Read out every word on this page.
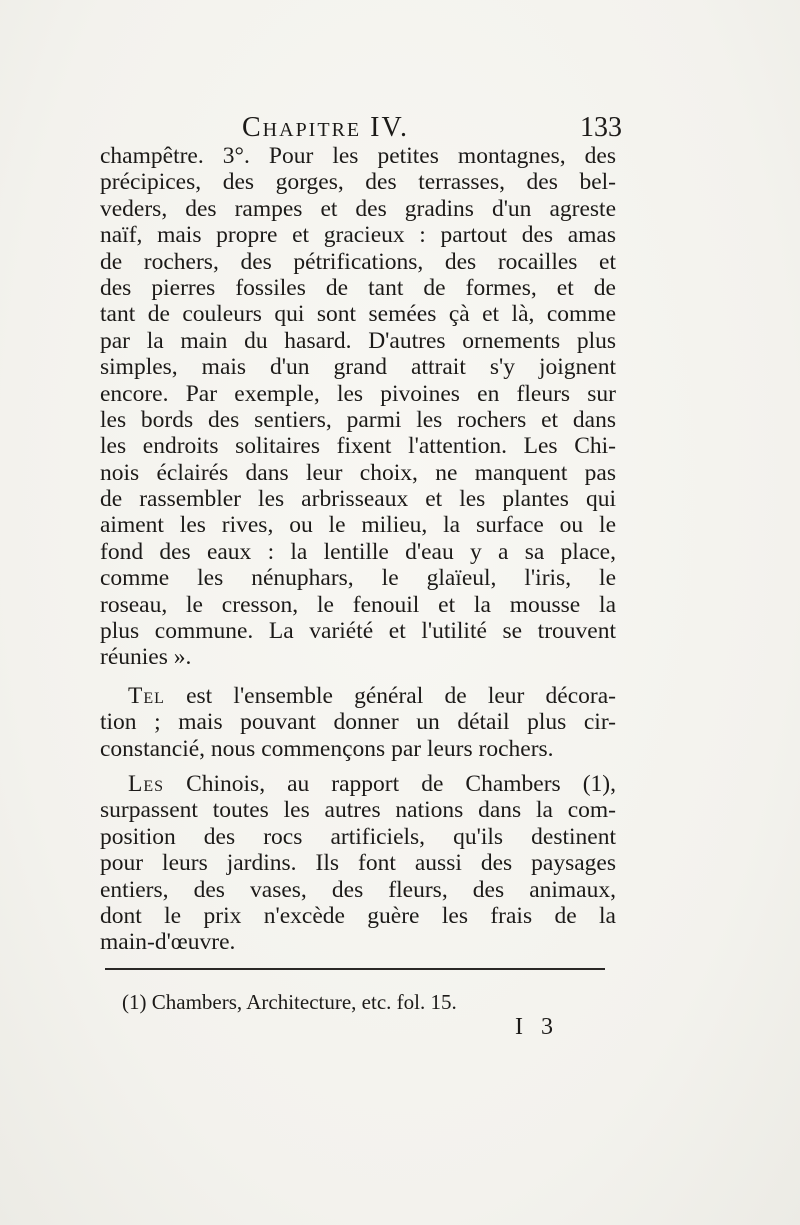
Chapitre IV.	133
champêtre. 3°. Pour les petites montagnes, des
précipices, des gorges, des terrasses, des bel-
veders, des rampes et des gradins d'un agreste
naïf, mais propre et gracieux : partout des amas
de rochers, des pétrifications, des rocailles et
des pierres fossiles de tant de formes, et de
tant de couleurs qui sont semées çà et là, comme
par la main du hasard. D'autres ornements plus
simples, mais d'un grand attrait s'y joignent
encore. Par exemple, les pivoines en fleurs sur
les bords des sentiers, parmi les rochers et dans
les endroits solitaires fixent l'attention. Les Chi-
nois éclairés dans leur choix, ne manquent pas
de rassembler les arbrisseaux et les plantes qui
aiment les rives, ou le milieu, la surface ou le
fond des eaux : la lentille d'eau y a sa place,
comme les nénuphars, le glaïeul, l'iris, le
roseau, le cresson, le fenouil et la mousse la
plus commune. La variété et l'utilité se trouvent
réunies ».
Tel est l'ensemble général de leur décora-
tion ; mais pouvant donner un détail plus cir-
constancié, nous commençons par leurs rochers.
Les Chinois, au rapport de Chambers (1),
surpassent toutes les autres nations dans la com-
position des rocs artificiels, qu'ils destinent
pour leurs jardins. Ils font aussi des paysages
entiers, des vases, des fleurs, des animaux,
dont le prix n'excède guère les frais de la
main-d'œuvre.
(1) Chambers, Architecture, etc. fol. 15.
I 3
